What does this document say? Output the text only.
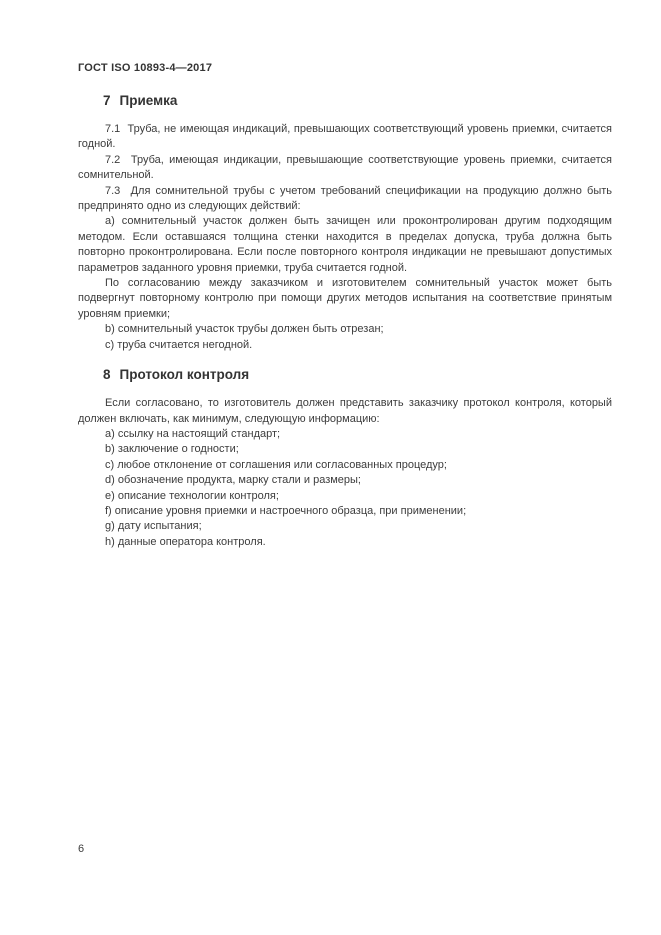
ГОСТ ISO 10893-4—2017

7 Приемка

7.1  Труба, не имеющая индикаций, превышающих соответствующий уровень приемки, считается годной.

7.2  Труба, имеющая индикации, превышающие соответствующие уровень приемки, считается сомнительной.

7.3  Для сомнительной трубы с учетом требований спецификации на продукцию должно быть предпринято одно из следующих действий:

a) сомнительный участок должен быть зачищен или проконтролирован другим подходящим методом. Если оставшаяся толщина стенки находится в пределах допуска, труба должна быть повторно проконтролирована. Если после повторного контроля индикации не превышают допустимых параметров заданного уровня приемки, труба считается годной.

По согласованию между заказчиком и изготовителем сомнительный участок может быть подвергнут повторному контролю при помощи других методов испытания на соответствие принятым уровням приемки;

b) сомнительный участок трубы должен быть отрезан;

c) труба считается негодной.

8 Протокол контроля

Если согласовано, то изготовитель должен представить заказчику протокол контроля, который должен включать, как минимум, следующую информацию:

a) ссылку на настоящий стандарт;

b) заключение о годности;

c) любое отклонение от соглашения или согласованных процедур;

d) обозначение продукта, марку стали и размеры;

e) описание технологии контроля;

f) описание уровня приемки и настроечного образца, при применении;

g) дату испытания;

h) данные оператора контроля.

6
